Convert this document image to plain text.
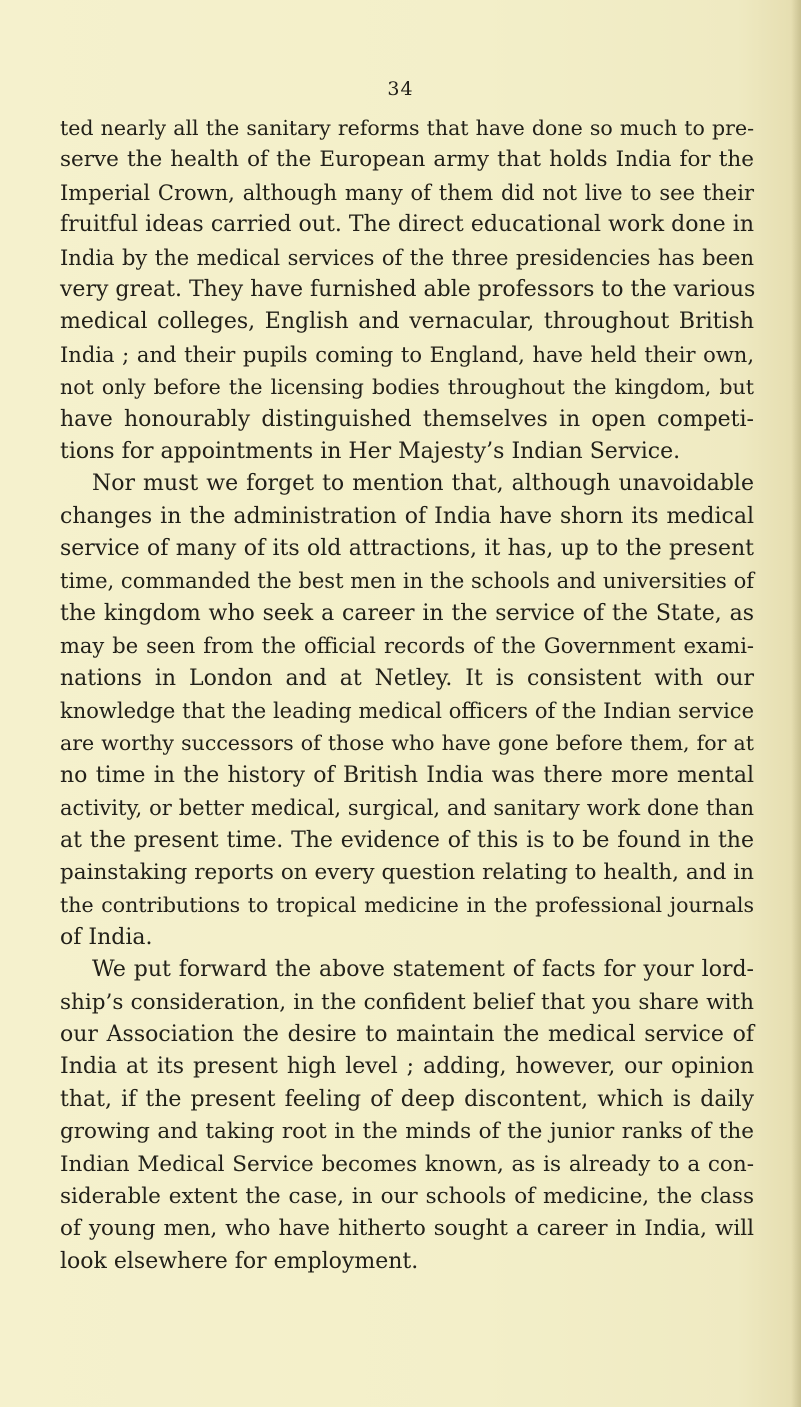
34
ted nearly all the sanitary reforms that have done so much to pre-
serve the health of the European army that holds India for the
Imperial Crown, although many of them did not live to see their
fruitful ideas carried out. The direct educational work done in
India by the medical services of the three presidencies has been
very great. They have furnished able professors to the various
medical colleges, English and vernacular, throughout British
India ; and their pupils coming to England, have held their own,
not only before the licensing bodies throughout the kingdom, but
have honourably distinguished themselves in open competi-
tions for appointments in Her Majesty’s Indian Service.
Nor must we forget to mention that, although unavoidable
changes in the administration of India have shorn its medical
service of many of its old attractions, it has, up to the present
time, commanded the best men in the schools and universities of
the kingdom who seek a career in the service of the State, as
may be seen from the official records of the Government exami-
nations in London and at Netley. It is consistent with our
knowledge that the leading medical officers of the Indian service
are worthy successors of those who have gone before them, for at
no time in the history of British India was there more mental
activity, or better medical, surgical, and sanitary work done than
at the present time. The evidence of this is to be found in the
painstaking reports on every question relating to health, and in
the contributions to tropical medicine in the professional journals
of India.
We put forward the above statement of facts for your lord-
ship’s consideration, in the confident belief that you share with
our Association the desire to maintain the medical service of
India at its present high level ; adding, however, our opinion
that, if the present feeling of deep discontent, which is daily
growing and taking root in the minds of the junior ranks of the
Indian Medical Service becomes known, as is already to a con-
siderable extent the case, in our schools of medicine, the class
of young men, who have hitherto sought a career in India, will
look elsewhere for employment.
